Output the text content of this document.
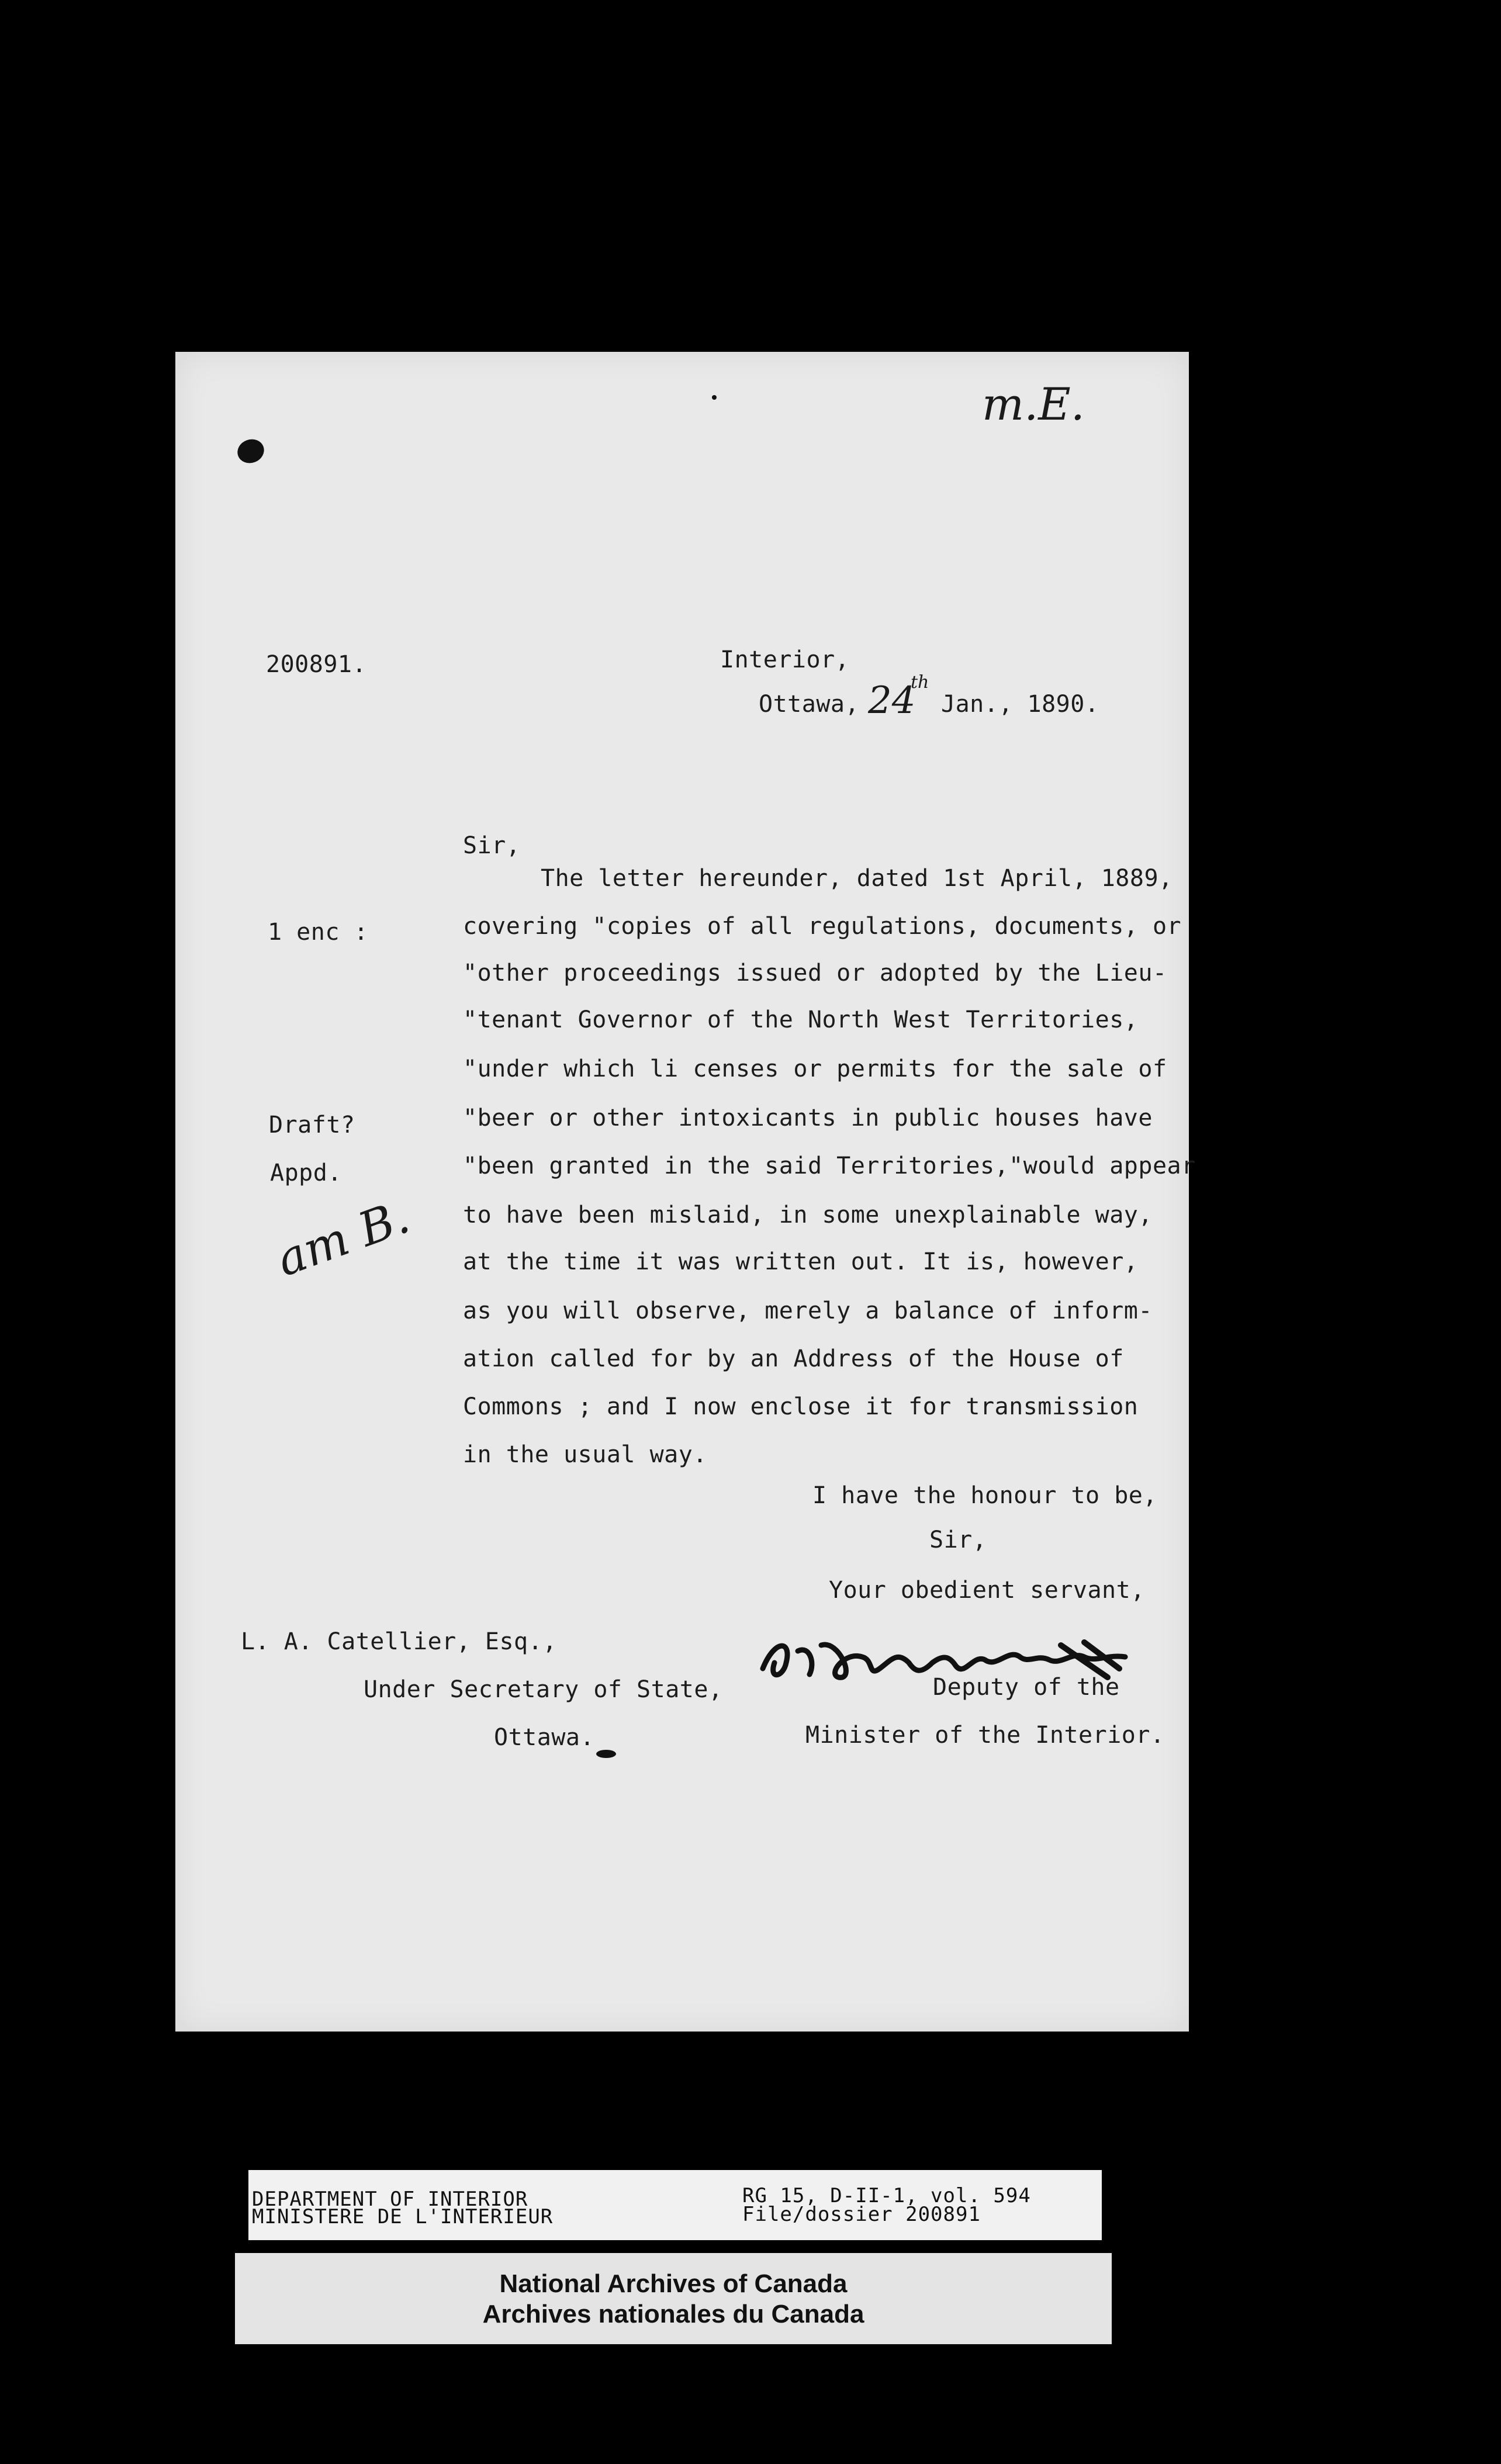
m.E.
200891.	Interior,
Ottawa, 24
th
Jan., 1890.
1 enc :
Draft?
Appd.
am B.
Sir,
The letter hereunder, dated 1st April, 1889,
covering "copies of all regulations, documents, or
"other proceedings issued or adopted by the Lieu-
"tenant Governor of the North West Territories,
"under which li censes or permits for the sale of
"beer or other intoxicants in public houses have
"been granted in the said Territories,"would appear
to have been mislaid, in some unexplainable way,
at the time it was written out. It is, however,
as you will observe, merely a balance of inform-
ation called for by an Address of the House of
Commons ; and I now enclose it for transmission
in the usual way.
I have the honour to be,
Sir,
Your obedient servant,
Deputy of the
Minister of the Interior.
L. A. Catellier, Esq.,
Under Secretary of State,
Ottawa.
DEPARTMENT OF INTERIOR
MINISTERE DE L'INTERIEUR
RG 15, D-II-1, vol. 594
File/dossier 200891
National Archives of Canada
Archives nationales du Canada
